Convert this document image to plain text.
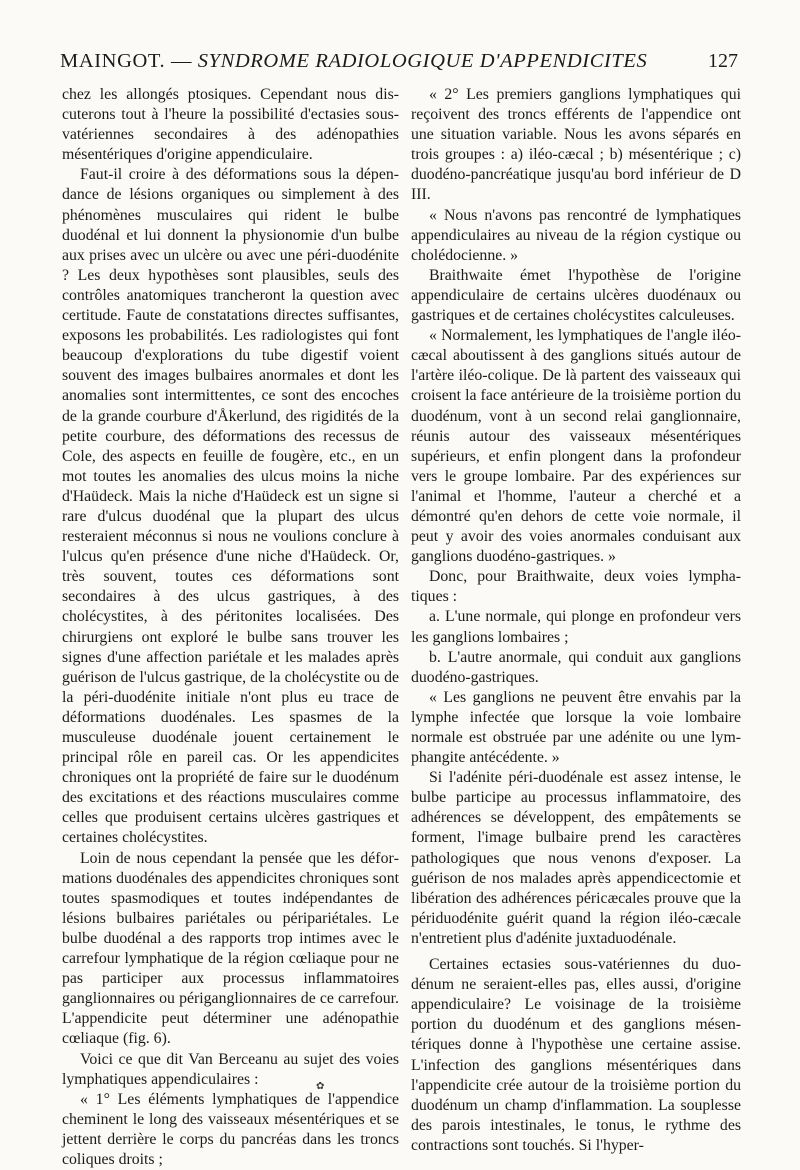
MAINGOT. — SYNDROME RADIOLOGIQUE D'APPENDICITES	127

chez les allongés ptosiques. Cependant nous discuterons tout à l'heure la possibilité d'ectasies sous-vatériennes secondaires à des adénopathies mésentériques d'origine appendiculaire.

Faut-il croire à des déformations sous la dépendance de lésions organiques ou simplement à des phénomènes musculaires qui rident le bulbe duodénal et lui donnent la physionomie d'un bulbe aux prises avec un ulcère ou avec une péri-duodénite ? Les deux hypothèses sont plausibles, seuls des contrôles anatomiques trancheront la question avec certitude. Faute de constatations directes suffisantes, exposons les probabilités. Les radiologistes qui font beaucoup d'explorations du tube digestif voient souvent des images bulbaires anormales et dont les anomalies sont intermittentes, ce sont des encoches de la grande courbure d'Åkerlund, des rigidités de la petite courbure, des déformations des recessus de Cole, des aspects en feuille de fougère, etc., en un mot toutes les anomalies des ulcus moins la niche d'Haüdeck. Mais la niche d'Haüdeck est un signe si rare d'ulcus duodénal que la plupart des ulcus resteraient méconnus si nous ne voulions conclure à l'ulcus qu'en présence d'une niche d'Haüdeck. Or, très souvent, toutes ces déformations sont secondaires à des ulcus gastriques, à des cholécystites, à des péritonites localisées. Des chirurgiens ont exploré le bulbe sans trouver les signes d'une affection pariétale et les malades après guérison de l'ulcus gastrique, de la cholécystite ou de la péri-duodénite initiale n'ont plus eu trace de déformations duodénales. Les spasmes de la musculeuse duodénale jouent certainement le principal rôle en pareil cas. Or les appendicites chroniques ont la propriété de faire sur le duodénum des excitations et des réactions musculaires comme celles que produisent certains ulcères gastriques et certaines cholécystites.

Loin de nous cependant la pensée que les déformations duodénales des appendicites chroniques sont toutes spasmodiques et toutes indépendantes de lésions bulbaires pariétales ou péripariétales. Le bulbe duodénal a des rapports trop intimes avec le carrefour lymphatique de la région cœliaque pour ne pas participer aux processus inflammatoires ganglionnaires ou périganglionnaires de ce carrefour. L'appendicite peut déterminer une adénopathie cœliaque (fig. 6).

Voici ce que dit Van Berceanu au sujet des voies lymphatiques appendiculaires :

« 1° Les éléments lymphatiques de l'appendice cheminent le long des vaisseaux mésentériques et se jettent derrière le corps du pancréas dans les troncs coliques droits ;

« 2° Les premiers ganglions lymphatiques qui reçoivent des troncs efférents de l'appendice ont une situation variable. Nous les avons séparés en trois groupes : a) iléo-cæcal ; b) mésentérique ; c) duodéno-pancréatique jusqu'au bord inférieur de D III.

« Nous n'avons pas rencontré de lymphatiques appendiculaires au niveau de la région cystique ou cholédocienne. »

Braithwaite émet l'hypothèse de l'origine appendiculaire de certains ulcères duodénaux ou gastriques et de certaines cholécystites calculeuses.

« Normalement, les lymphatiques de l'angle iléo-cæcal aboutissent à des ganglions situés autour de l'artère iléo-colique. De là partent des vaisseaux qui croisent la face antérieure de la troisième portion du duodénum, vont à un second relai ganglionnaire, réunis autour des vaisseaux mésentériques supérieurs, et enfin plongent dans la profondeur vers le groupe lombaire. Par des expériences sur l'animal et l'homme, l'auteur a cherché et a démontré qu'en dehors de cette voie normale, il peut y avoir des voies anormales conduisant aux ganglions duodéno-gastriques. »

Donc, pour Braithwaite, deux voies lymphatiques :

a. L'une normale, qui plonge en profondeur vers les ganglions lombaires ;

b. L'autre anormale, qui conduit aux ganglions duodéno-gastriques.

« Les ganglions ne peuvent être envahis par la lymphe infectée que lorsque la voie lombaire normale est obstruée par une adénite ou une lymphangite antécédente. »

Si l'adénite péri-duodénale est assez intense, le bulbe participe au processus inflammatoire, des adhérences se développent, des empâtements se forment, l'image bulbaire prend les caractères pathologiques que nous venons d'exposer. La guérison de nos malades après appendicectomie et libération des adhérences péricæcales prouve que la périduodénite guérit quand la région iléo-cæcale n'entretient plus d'adénite juxtaduodénale.

Certaines ectasies sous-vatériennes du duodénum ne seraient-elles pas, elles aussi, d'origine appendiculaire? Le voisinage de la troisième portion du duodénum et des ganglions mésentériques donne à l'hypothèse une certaine assise. L'infection des ganglions mésentériques dans l'appendicite crée autour de la troisième portion du duodénum un champ d'inflammation. La souplesse des parois intestinales, le tonus, le rythme des contractions sont touchés. Si l'hyper-

✿
